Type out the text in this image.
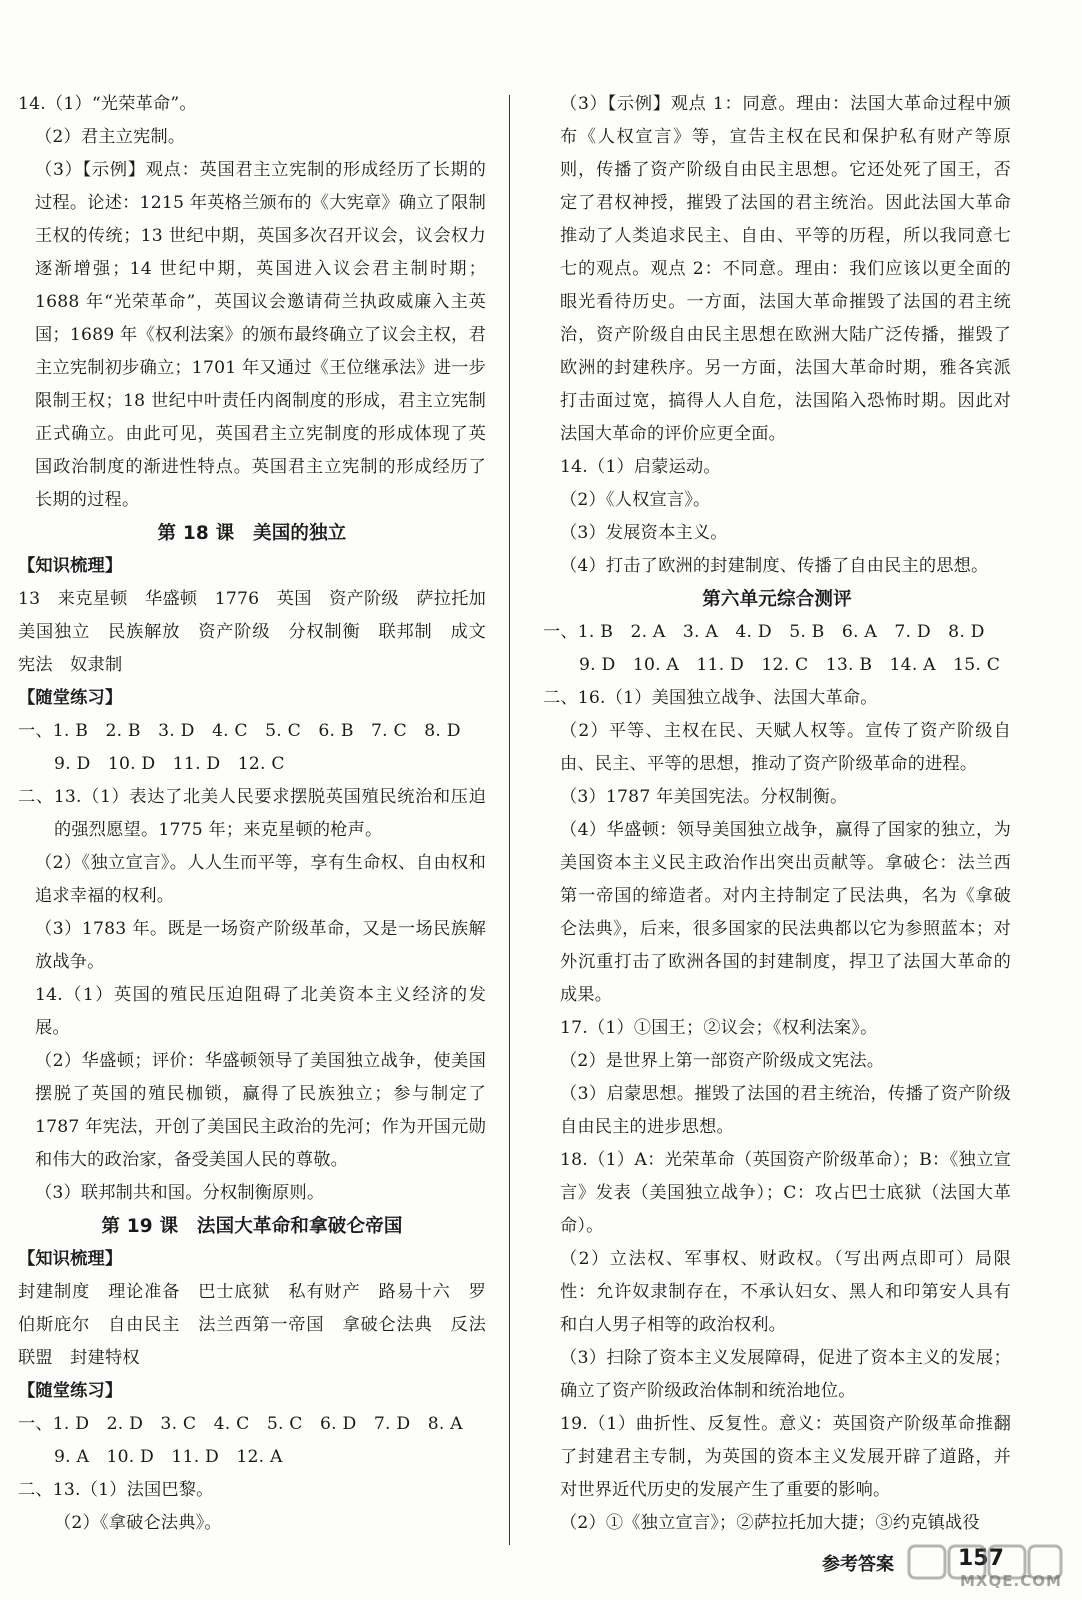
14.（1）“光荣革命”。

（2）君主立宪制。

（3）【示例】观点：英国君主立宪制的形成经历了长期的过程。论述：1215 年英格兰颁布的《大宪章》确立了限制王权的传统；13 世纪中期，英国多次召开议会，议会权力逐渐增强；14 世纪中期，英国进入议会君主制时期；1688 年“光荣革命”，英国议会邀请荷兰执政威廉入主英国；1689 年《权利法案》的颁布最终确立了议会主权，君主立宪制初步确立；1701 年又通过《王位继承法》进一步限制王权；18 世纪中叶责任内阁制度的形成，君主立宪制正式确立。由此可见，英国君主立宪制度的形成体现了英国政治制度的渐进性特点。英国君主立宪制的形成经历了长期的过程。

第 18 课　美国的独立

【知识梳理】

13　来克星顿　华盛顿　1776　英国　资产阶级　萨拉托加　美国独立　民族解放　资产阶级　分权制衡　联邦制　成文宪法　奴隶制

【随堂练习】

一、1. B　2. B　3. D　4. C　5. C　6. B　7. C　8. D

9. D　10. D　11. D　12. C

二、13.（1）表达了北美人民要求摆脱英国殖民统治和压迫的强烈愿望。1775 年；来克星顿的枪声。

（2）《独立宣言》。人人生而平等，享有生命权、自由权和追求幸福的权利。

（3）1783 年。既是一场资产阶级革命，又是一场民族解放战争。

14.（1）英国的殖民压迫阻碍了北美资本主义经济的发展。

（2）华盛顿；评价：华盛顿领导了美国独立战争，使美国摆脱了英国的殖民枷锁，赢得了民族独立；参与制定了 1787 年宪法，开创了美国民主政治的先河；作为开国元勋和伟大的政治家，备受美国人民的尊敬。

（3）联邦制共和国。分权制衡原则。

第 19 课　法国大革命和拿破仑帝国

【知识梳理】

封建制度　理论准备　巴士底狱　私有财产　路易十六　罗伯斯庇尔　自由民主　法兰西第一帝国　拿破仑法典　反法联盟　封建特权

【随堂练习】

一、1. D　2. D　3. C　4. C　5. C　6. D　7. D　8. A

9. A　10. D　11. D　12. A

二、13.（1）法国巴黎。

（2）《拿破仑法典》。

（3）【示例】观点 1：同意。理由：法国大革命过程中颁布《人权宣言》等，宣告主权在民和保护私有财产等原则，传播了资产阶级自由民主思想。它还处死了国王，否定了君权神授，摧毁了法国的君主统治。因此法国大革命推动了人类追求民主、自由、平等的历程，所以我同意七七的观点。观点 2：不同意。理由：我们应该以更全面的眼光看待历史。一方面，法国大革命摧毁了法国的君主统治，资产阶级自由民主思想在欧洲大陆广泛传播，摧毁了欧洲的封建秩序。另一方面，法国大革命时期，雅各宾派打击面过宽，搞得人人自危，法国陷入恐怖时期。因此对法国大革命的评价应更全面。

14.（1）启蒙运动。

（2）《人权宣言》。

（3）发展资本主义。

（4）打击了欧洲的封建制度、传播了自由民主的思想。

第六单元综合测评

一、1. B　2. A　3. A　4. D　5. B　6. A　7. D　8. D

9. D　10. A　11. D　12. C　13. B　14. A　15. C

二、16.（1）美国独立战争、法国大革命。

（2）平等、主权在民、天赋人权等。宣传了资产阶级自由、民主、平等的思想，推动了资产阶级革命的进程。

（3）1787 年美国宪法。分权制衡。

（4）华盛顿：领导美国独立战争，赢得了国家的独立，为美国资本主义民主政治作出突出贡献等。拿破仑：法兰西第一帝国的缔造者。对内主持制定了民法典，名为《拿破仑法典》，后来，很多国家的民法典都以它为参照蓝本；对外沉重打击了欧洲各国的封建制度，捍卫了法国大革命的成果。

17.（1）①国王；②议会；《权利法案》。

（2）是世界上第一部资产阶级成文宪法。

（3）启蒙思想。摧毁了法国的君主统治，传播了资产阶级自由民主的进步思想。

18.（1）A：光荣革命（英国资产阶级革命）；B：《独立宣言》发表（美国独立战争）；C：攻占巴士底狱（法国大革命）。

（2）立法权、军事权、财政权。（写出两点即可）局限性：允许奴隶制存在，不承认妇女、黑人和印第安人具有和白人男子相等的政治权利。

（3）扫除了资本主义发展障碍，促进了资本主义的发展；确立了资产阶级政治体制和统治地位。

19.（1）曲折性、反复性。意义：英国资产阶级革命推翻了封建君主专制，为英国的资本主义发展开辟了道路，并对世界近代历史的发展产生了重要的影响。

（2）①《独立宣言》；②萨拉托加大捷；③约克镇战役

参考答案	157
MXQE.COM
